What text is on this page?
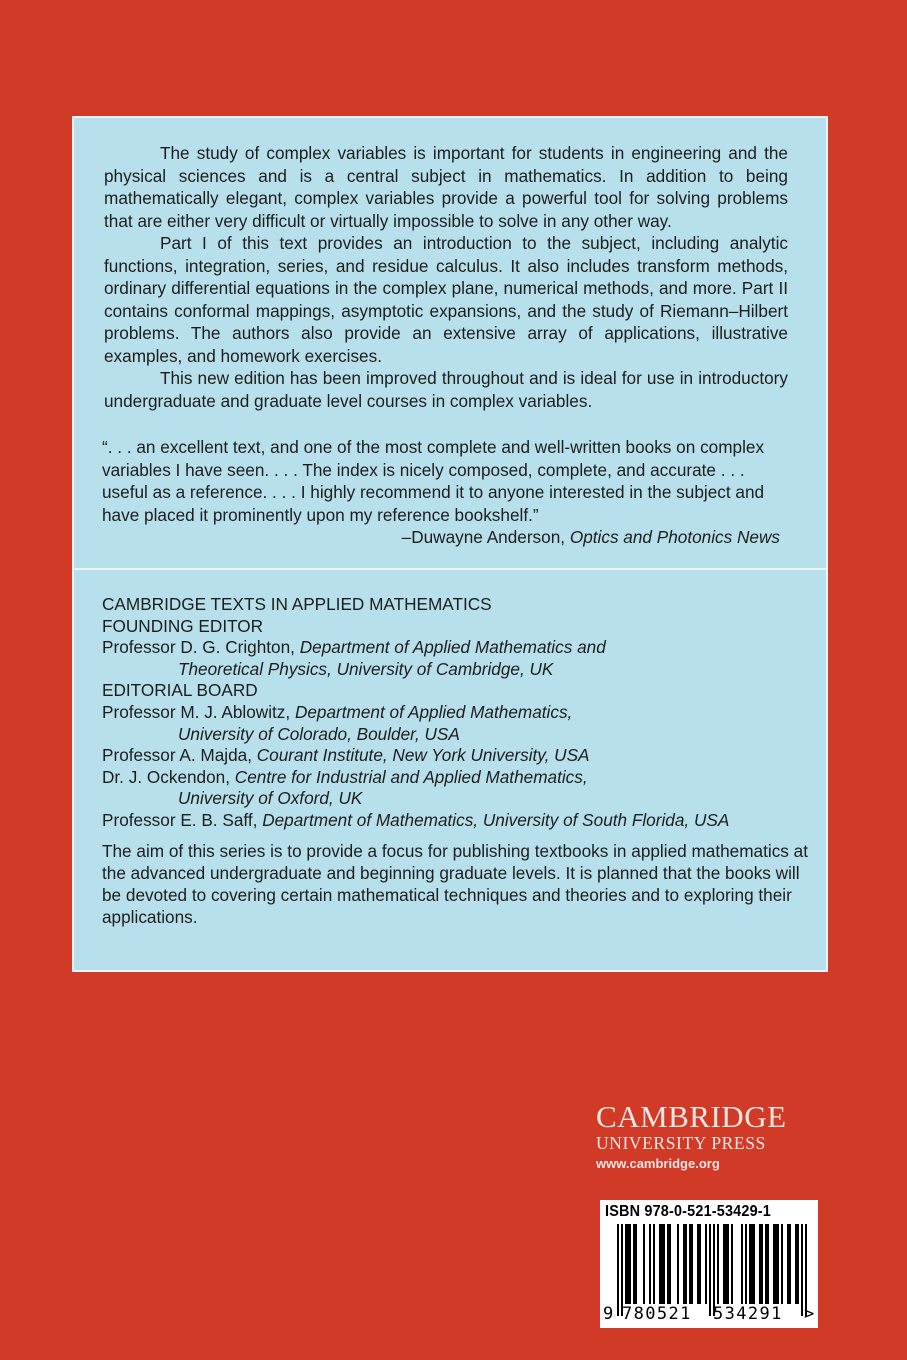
The study of complex variables is important for students in engineering and the physical sciences and is a central subject in mathematics. In addition to being mathematically elegant, complex variables provide a powerful tool for solving problems that are either very difficult or virtually impossible to solve in any other way.

Part I of this text provides an introduction to the subject, including analytic functions, integration, series, and residue calculus. It also includes transform methods, ordinary differential equations in the complex plane, numerical methods, and more. Part II contains conformal mappings, asymptotic expansions, and the study of Riemann–Hilbert problems. The authors also provide an extensive array of applications, illustrative examples, and homework exercises.

This new edition has been improved throughout and is ideal for use in introductory undergraduate and graduate level courses in complex variables.

“. . . an excellent text, and one of the most complete and well-written books on complex variables I have seen. . . . The index is nicely composed, complete, and accurate . . . useful as a reference. . . . I highly recommend it to anyone interested in the subject and have placed it prominently upon my reference bookshelf.”

–Duwayne Anderson, Optics and Photonics News

CAMBRIDGE TEXTS IN APPLIED MATHEMATICS
FOUNDING EDITOR
Professor D. G. Crighton, Department of Applied Mathematics and
Theoretical Physics, University of Cambridge, UK
EDITORIAL BOARD
Professor M. J. Ablowitz, Department of Applied Mathematics,
University of Colorado, Boulder, USA
Professor A. Majda, Courant Institute, New York University, USA
Dr. J. Ockendon, Centre for Industrial and Applied Mathematics,
University of Oxford, UK
Professor E. B. Saff, Department of Mathematics, University of South Florida, USA

The aim of this series is to provide a focus for publishing textbooks in applied mathematics at the advanced undergraduate and beginning graduate levels. It is planned that the books will be devoted to covering certain mathematical techniques and theories and to exploring their applications.

CAMBRIDGE
UNIVERSITY PRESS
www.cambridge.org
ISBN 978-0-521-53429-1
9 780521 534291 >
